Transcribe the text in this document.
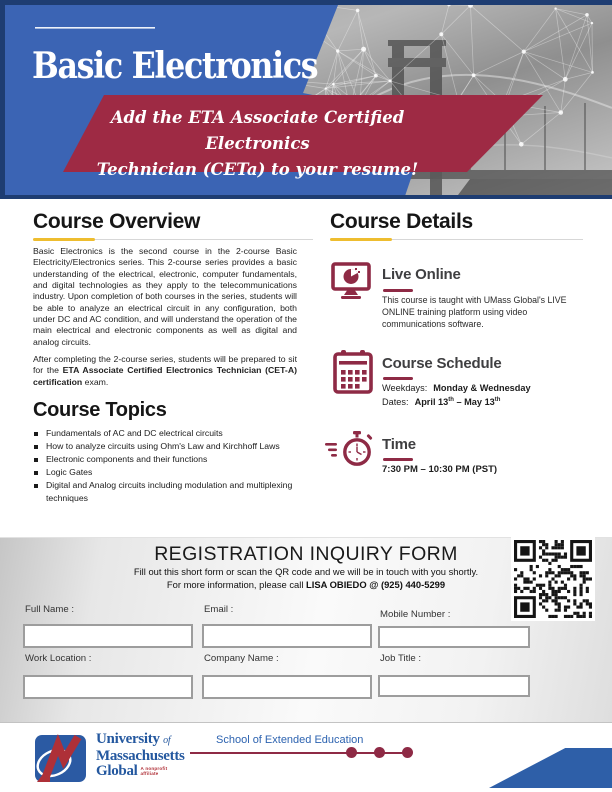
Basic Electronics
Add the ETA Associate Certified Electronics
Technician (CETa) to your resume!
Course Overview

Basic Electronics is the second course in the 2-course Basic Electricity/Electronics series. This 2-course series provides a basic understanding of the electrical, electronic, computer fundamentals, and digital technologies as they apply to the telecommunications industry. Upon completion of both courses in the series, students will be able to analyze an electrical circuit in any configuration, both under DC and AC condition, and will understand the operation of the main electrical and electronic components as well as digital and analog circuits.

After completing the 2-course series, students will be prepared to sit for the ETA Associate Certified Electronics Technician (CET-A) certification exam.

Course Topics
Fundamentals of AC and DC electrical circuits
How to analyze circuits using Ohm's Law and Kirchhoff Laws
Electronic components and their functions
Logic Gates
Digital and Analog circuits including modulation and multiplexing techniques
Course Details
Live Online
This course is taught with UMass Global's LIVE ONLINE training platform using video communications software.
Course Schedule
Weekdays: Monday & Wednesday
Dates: April 13th – May 13th
Time
7:30 PM – 10:30 PM (PST)
REGISTRATION INQUIRY FORM
Fill out this short form or scan the QR code and we will be in touch with you shortly.
For more information, please call LISA OBIEDO @ (925) 440-5299
Full Name :	Email :	Mobile Number :
Work Location :	Company Name :	Job Title :
University of
Massachusetts
Global A nonprofit
affiliate
School of Extended Education
